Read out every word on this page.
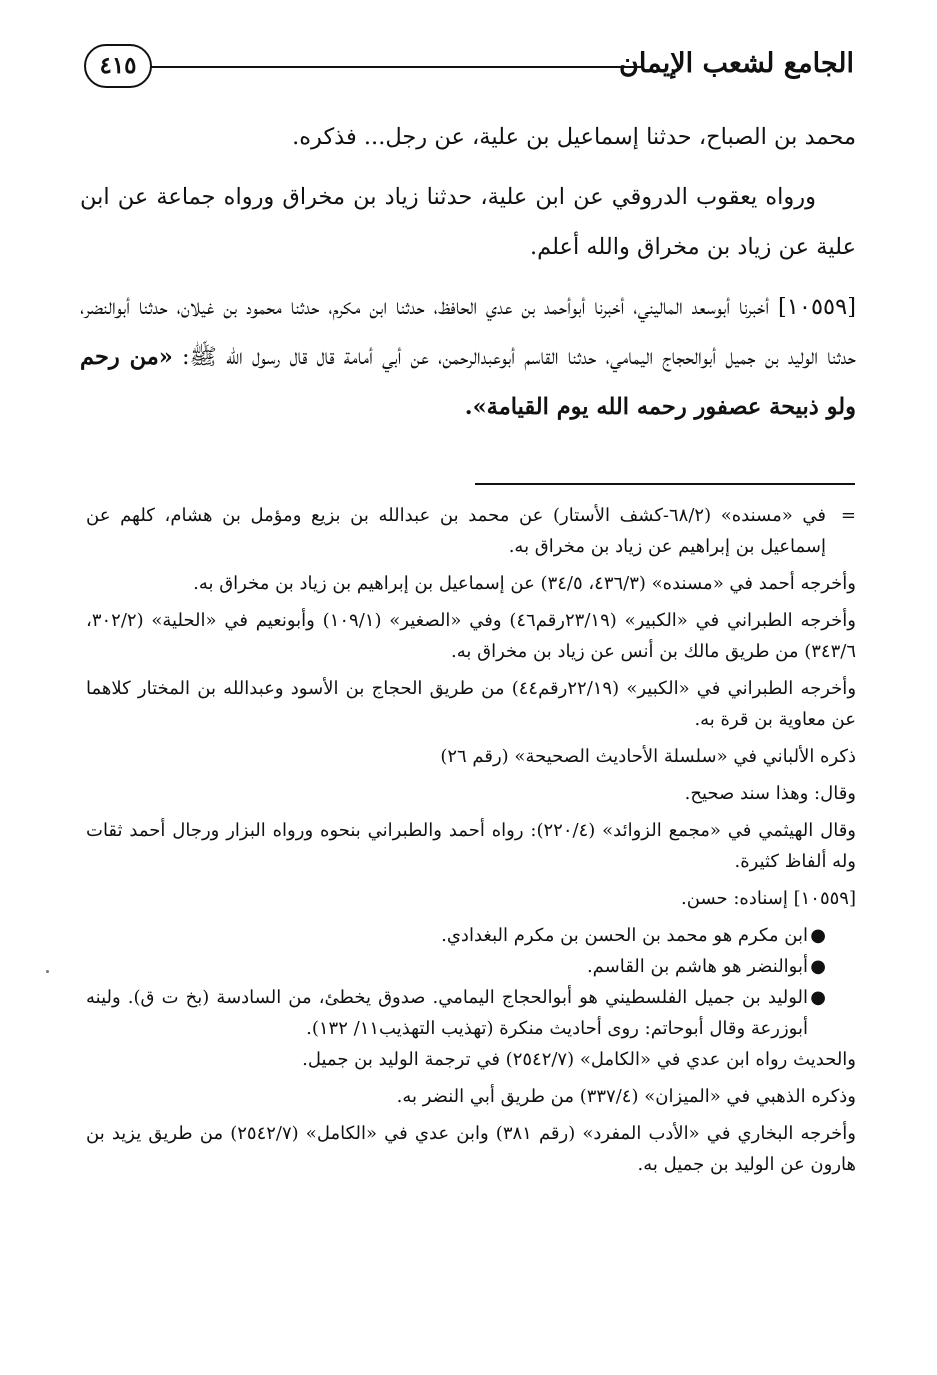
الجامع لشعب الإيمان
٤١٥

محمد بن الصباح، حدثنا إسماعيل بن علية، عن رجل... فذكره.

ورواه يعقوب الدروقي عن ابن علية، حدثنا زياد بن مخراق ورواه جماعة عن ابن علية عن زياد بن مخراق والله أعلم.

[١٠٥٥٩] أخبرنا أبوسعد الماليني، أخبرنا أبوأحمد بن عدي الحافظ، حدثنا ابن مكرم، حدثنا محمود بن غيلان، حدثنا أبوالنضر، حدثنا الوليد بن جميل أبوالحجاج اليمامي، حدثنا القاسم أبوعبدالرحمن، عن أبي أمامة قال قال رسول الله ﷺ: «من رحم ولو ذبيحة عصفور رحمه الله يوم القيامة».

=
في «مسنده» (٦٨/٢-كشف الأستار) عن محمد بن عبدالله بن بزيع ومؤمل بن هشام، كلهم عن إسماعيل بن إبراهيم عن زياد بن مخراق به.

وأخرجه أحمد في «مسنده» (٤٣٦/٣، ٣٤/٥) عن إسماعيل بن إبراهيم بن زياد بن مخراق به.

وأخرجه الطبراني في «الكبير» (٢٣/١٩رقم٤٦) وفي «الصغير» (١٠٩/١) وأبونعيم في «الحلية» (٣٠٢/٢، ٣٤٣/٦) من طريق مالك بن أنس عن زياد بن مخراق به.

وأخرجه الطبراني في «الكبير» (٢٢/١٩رقم٤٤) من طريق الحجاج بن الأسود وعبدالله بن المختار كلاهما عن معاوية بن قرة به.

ذكره الألباني في «سلسلة الأحاديث الصحيحة» (رقم ٢٦)

وقال: وهذا سند صحيح.

وقال الهيثمي في «مجمع الزوائد» (٢٢٠/٤): رواه أحمد والطبراني بنحوه ورواه البزار ورجال أحمد ثقات وله ألفاظ كثيرة.

[١٠٥٥٩] إسناده: حسن.

●
ابن مكرم هو محمد بن الحسن بن مكرم البغدادي.
●
أبوالنضر هو هاشم بن القاسم.
●
الوليد بن جميل الفلسطيني هو أبوالحجاج اليمامي. صدوق يخطئ، من السادسة (بخ ت ق). ولينه أبوزرعة وقال أبوحاتم: روى أحاديث منكرة (تهذيب التهذيب١١/ ١٣٢).

والحديث رواه ابن عدي في «الكامل» (٢٥٤٢/٧) في ترجمة الوليد بن جميل.

وذكره الذهبي في «الميزان» (٣٣٧/٤) من طريق أبي النضر به.

وأخرجه البخاري في «الأدب المفرد» (رقم ٣٨١) وابن عدي في «الكامل» (٢٥٤٢/٧) من طريق يزيد بن هارون عن الوليد بن جميل به.
